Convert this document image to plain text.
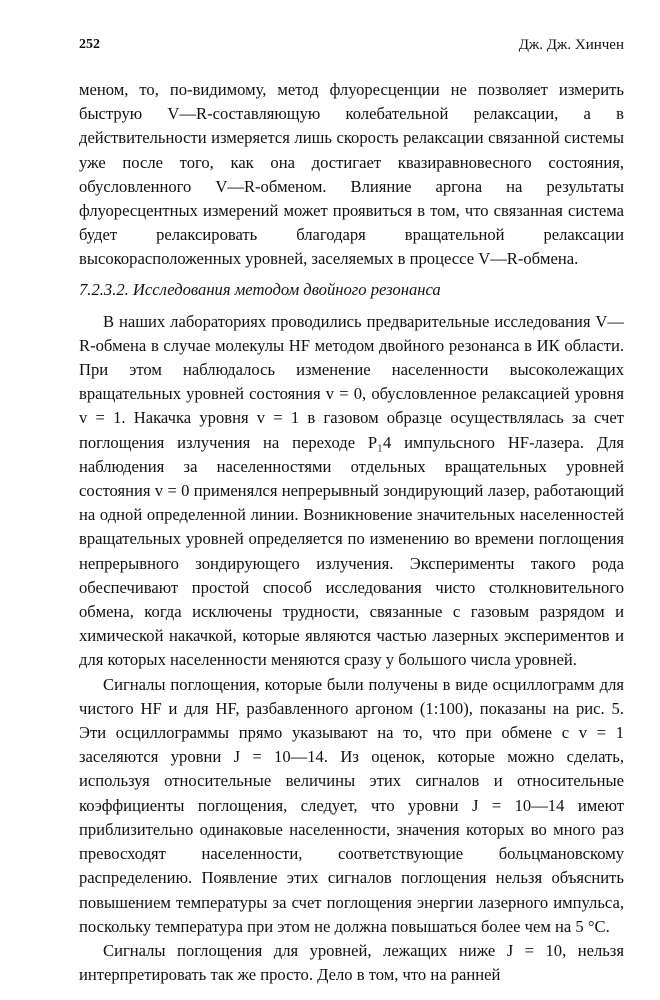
252	Дж. Дж. Хинчен

меном, то, по-видимому, метод флуоресценции не позволяет измерить быструю V—R-составляющую колебательной релаксации, а в действительности измеряется лишь скорость релаксации связанной системы уже после того, как она достигает квазиравновесного состояния, обусловленного V—R-обменом. Влияние аргона на результаты флуоресцентных измерений может проявиться в том, что связанная система будет релаксировать благодаря вращательной релаксации высокорасположенных уровней, заселяемых в процессе V—R-обмена.

7.2.3.2. Исследования методом двойного резонанса

В наших лабораториях проводились предварительные исследования V—R-обмена в случае молекулы HF методом двойного резонанса в ИК области. При этом наблюдалось изменение населенности высоколежащих вращательных уровней состояния v = 0, обусловленное релаксацией уровня v = 1. Накачка уровня v = 1 в газовом образце осуществлялась за счет поглощения излучения на переходе P₁4 импульсного HF-лазера. Для наблюдения за населенностями отдельных вращательных уровней состояния v = 0 применялся непрерывный зондирующий лазер, работающий на одной определенной линии. Возникновение значительных населенностей вращательных уровней определяется по изменению во времени поглощения непрерывного зондирующего излучения. Эксперименты такого рода обеспечивают простой способ исследования чисто столкновительного обмена, когда исключены трудности, связанные с газовым разрядом и химической накачкой, которые являются частью лазерных экспериментов и для которых населенности меняются сразу у большого числа уровней.

Сигналы поглощения, которые были получены в виде осциллограмм для чистого HF и для HF, разбавленного аргоном (1:100), показаны на рис. 5. Эти осциллограммы прямо указывают на то, что при обмене с v = 1 заселяются уровни J = 10—14. Из оценок, которые можно сделать, используя относительные величины этих сигналов и относительные коэффициенты поглощения, следует, что уровни J = 10—14 имеют приблизительно одинаковые населенности, значения которых во много раз превосходят населенности, соответствующие больцмановскому распределению. Появление этих сигналов поглощения нельзя объяснить повышением температуры за счет поглощения энергии лазерного импульса, поскольку температура при этом не должна повышаться более чем на 5 °C.

Сигналы поглощения для уровней, лежащих ниже J = 10, нельзя интерпретировать так же просто. Дело в том, что на ранней
